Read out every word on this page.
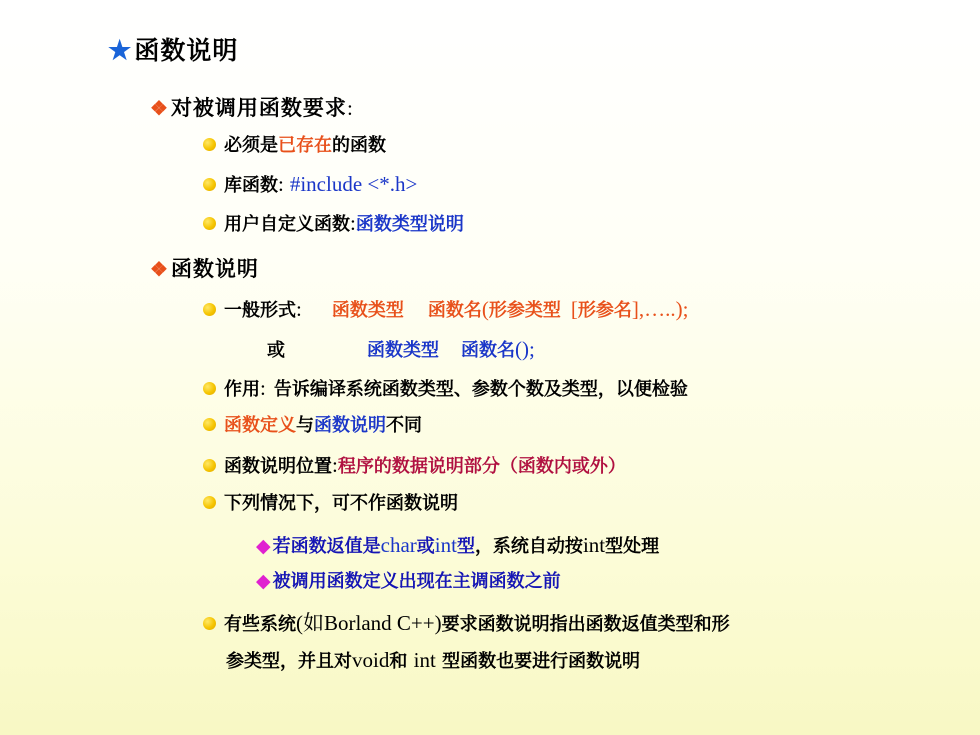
★函数说明
❖对被调用函数要求:
必须是已存在的函数
库函数: #include <*.h>
用户自定义函数:函数类型说明
❖函数说明
一般形式: 函数类型 函数名(形参类型 [形参名],…..);
或	函数类型 函数名();
作用: 告诉编译系统函数类型、参数个数及类型，以便检验
函数定义与函数说明不同
函数说明位置:程序的数据说明部分（函数内或外）
下列情况下，可不作函数说明
◆ 若函数返值是char或int型，系统自动按int型处理
◆ 被调用函数定义出现在主调函数之前
有些系统(如Borland C++)要求函数说明指出函数返值类型和形
参类型，并且对void和 int 型函数也要进行函数说明
